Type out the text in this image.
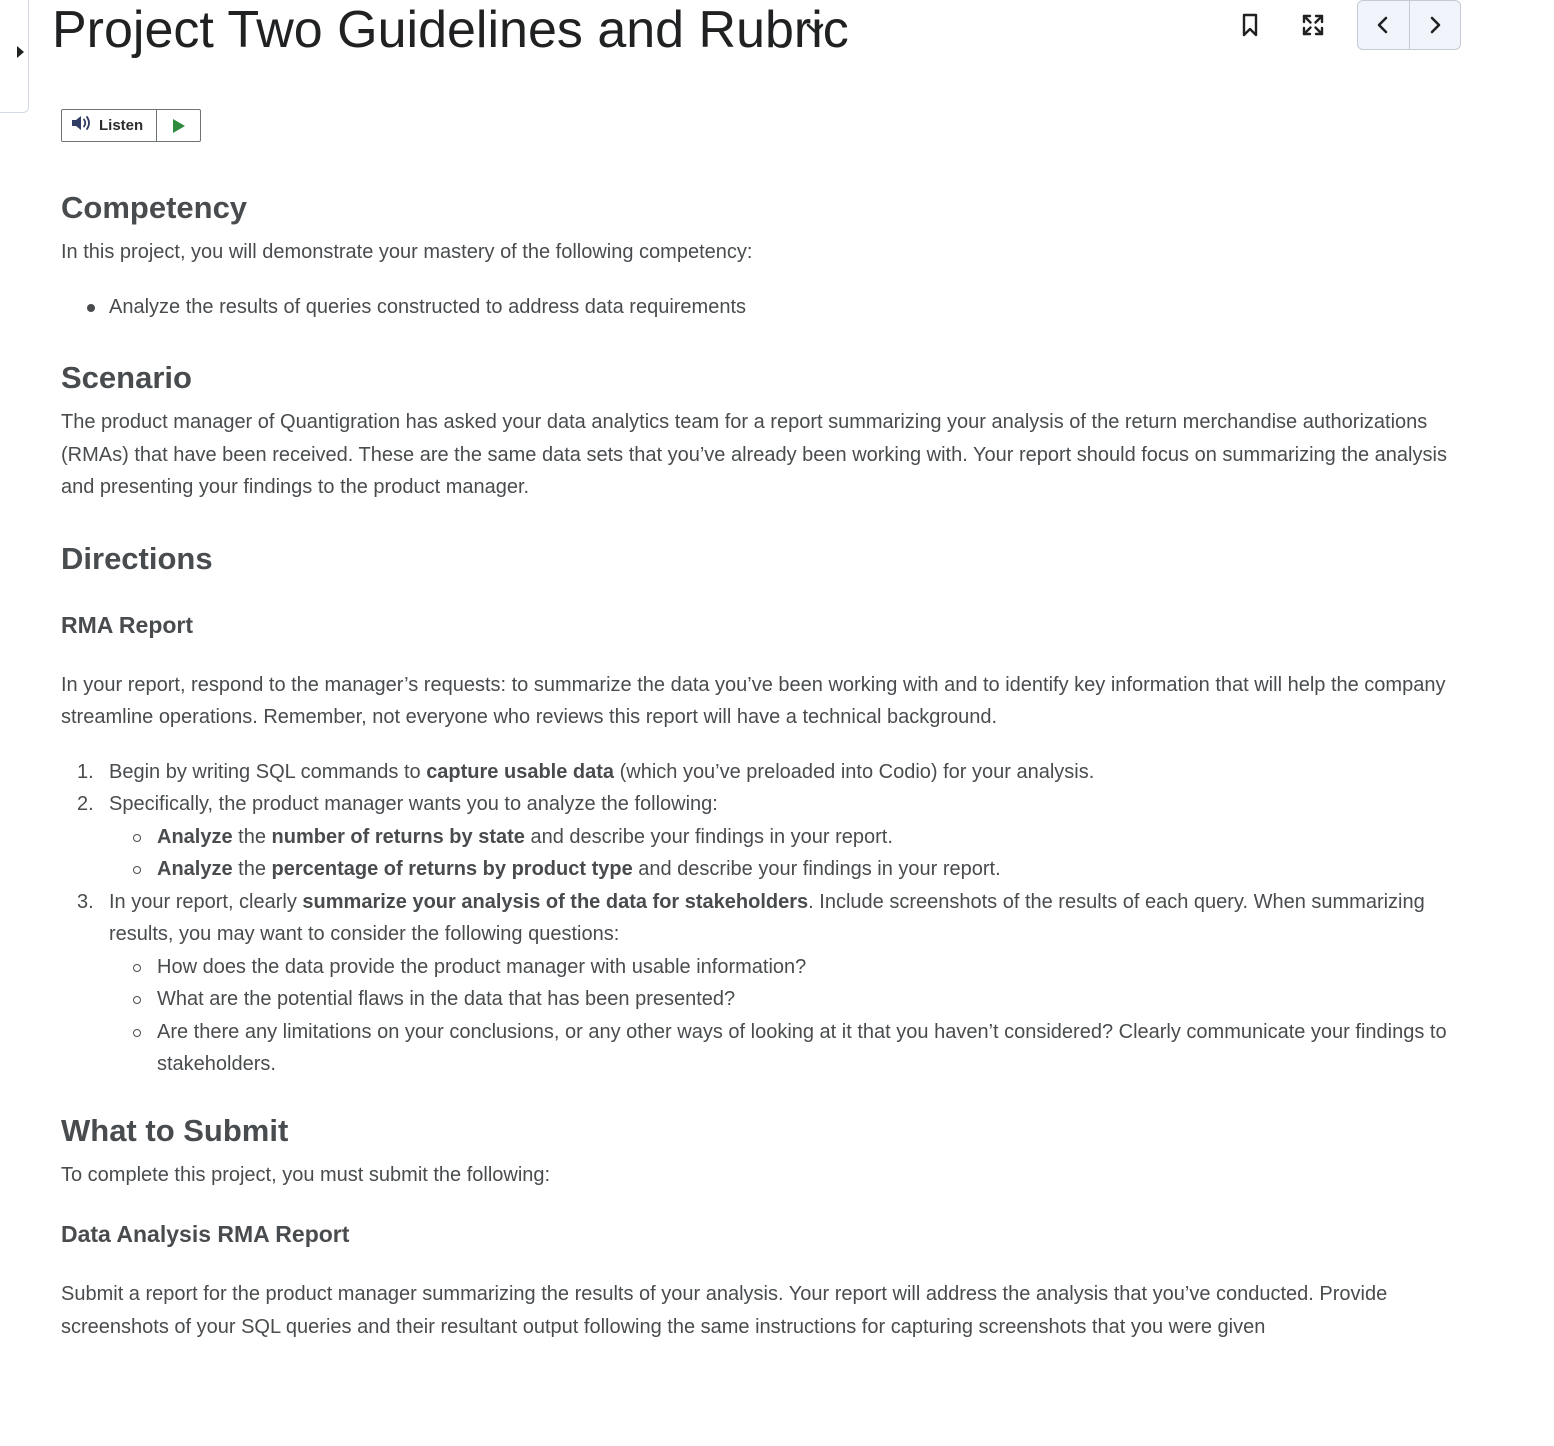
Project Two Guidelines and Rubric
Listen
Competency

In this project, you will demonstrate your mastery of the following competency:

Analyze the results of queries constructed to address data requirements
Scenario

The product manager of Quantigration has asked your data analytics team for a report summarizing your analysis of the return merchandise authorizations (RMAs) that have been received. These are the same data sets that you’ve already been working with. Your report should focus on summarizing the analysis and presenting your findings to the product manager.

Directions
RMA Report

In your report, respond to the manager’s requests: to summarize the data you’ve been working with and to identify key information that will help the company streamline operations. Remember, not everyone who reviews this report will have a technical background.

1. Begin by writing SQL commands to capture usable data (which you’ve preloaded into Codio) for your analysis.
2. Specifically, the product manager wants you to analyze the following:
Analyze the number of returns by state and describe your findings in your report.
Analyze the percentage of returns by product type and describe your findings in your report.
3. In your report, clearly summarize your analysis of the data for stakeholders. Include screenshots of the results of each query. When summarizing results, you may want to consider the following questions:
How does the data provide the product manager with usable information?
What are the potential flaws in the data that has been presented?
Are there any limitations on your conclusions, or any other ways of looking at it that you haven’t considered? Clearly communicate your findings to stakeholders.
What to Submit

To complete this project, you must submit the following:

Data Analysis RMA Report

Submit a report for the product manager summarizing the results of your analysis. Your report will address the analysis that you’ve conducted. Provide screenshots of your SQL queries and their resultant output following the same instructions for capturing screenshots that you were given
